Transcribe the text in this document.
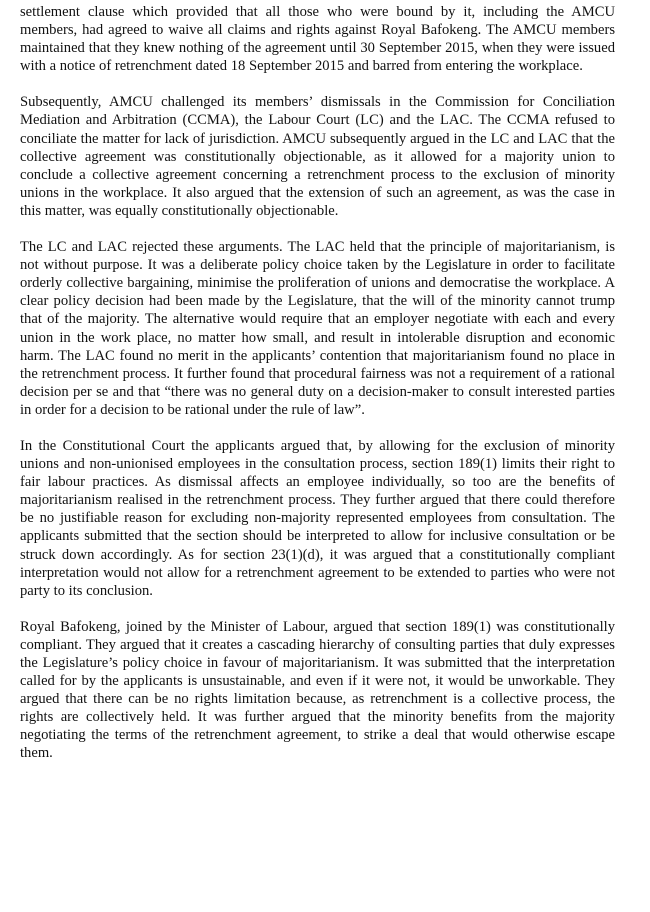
settlement clause which provided that all those who were bound by it, including the AMCU members, had agreed to waive all claims and rights against Royal Bafokeng. The AMCU members maintained that they knew nothing of the agreement until 30 September 2015, when they were issued with a notice of retrenchment dated 18 September 2015 and barred from entering the workplace.

Subsequently, AMCU challenged its members’ dismissals in the Commission for Conciliation Mediation and Arbitration (CCMA), the Labour Court (LC) and the LAC. The CCMA refused to conciliate the matter for lack of jurisdiction. AMCU subsequently argued in the LC and LAC that the collective agreement was constitutionally objectionable, as it allowed for a majority union to conclude a collective agreement concerning a retrenchment process to the exclusion of minority unions in the workplace. It also argued that the extension of such an agreement, as was the case in this matter, was equally constitutionally objectionable.

The LC and LAC rejected these arguments. The LAC held that the principle of majoritarianism, is not without purpose. It was a deliberate policy choice taken by the Legislature in order to facilitate orderly collective bargaining, minimise the proliferation of unions and democratise the workplace. A clear policy decision had been made by the Legislature, that the will of the minority cannot trump that of the majority. The alternative would require that an employer negotiate with each and every union in the work place, no matter how small, and result in intolerable disruption and economic harm. The LAC found no merit in the applicants’ contention that majoritarianism found no place in the retrenchment process. It further found that procedural fairness was not a requirement of a rational decision per se and that “there was no general duty on a decision-maker to consult interested parties in order for a decision to be rational under the rule of law”.

In the Constitutional Court the applicants argued that, by allowing for the exclusion of minority unions and non-unionised employees in the consultation process, section 189(1) limits their right to fair labour practices. As dismissal affects an employee individually, so too are the benefits of majoritarianism realised in the retrenchment process. They further argued that there could therefore be no justifiable reason for excluding non-majority represented employees from consultation. The applicants submitted that the section should be interpreted to allow for inclusive consultation or be struck down accordingly. As for section 23(1)(d), it was argued that a constitutionally compliant interpretation would not allow for a retrenchment agreement to be extended to parties who were not party to its conclusion.

Royal Bafokeng, joined by the Minister of Labour, argued that section 189(1) was constitutionally compliant. They argued that it creates a cascading hierarchy of consulting parties that duly expresses the Legislature’s policy choice in favour of majoritarianism. It was submitted that the interpretation called for by the applicants is unsustainable, and even if it were not, it would be unworkable. They argued that there can be no rights limitation because, as retrenchment is a collective process, the rights are collectively held. It was further argued that the minority benefits from the majority negotiating the terms of the retrenchment agreement, to strike a deal that would otherwise escape them.
